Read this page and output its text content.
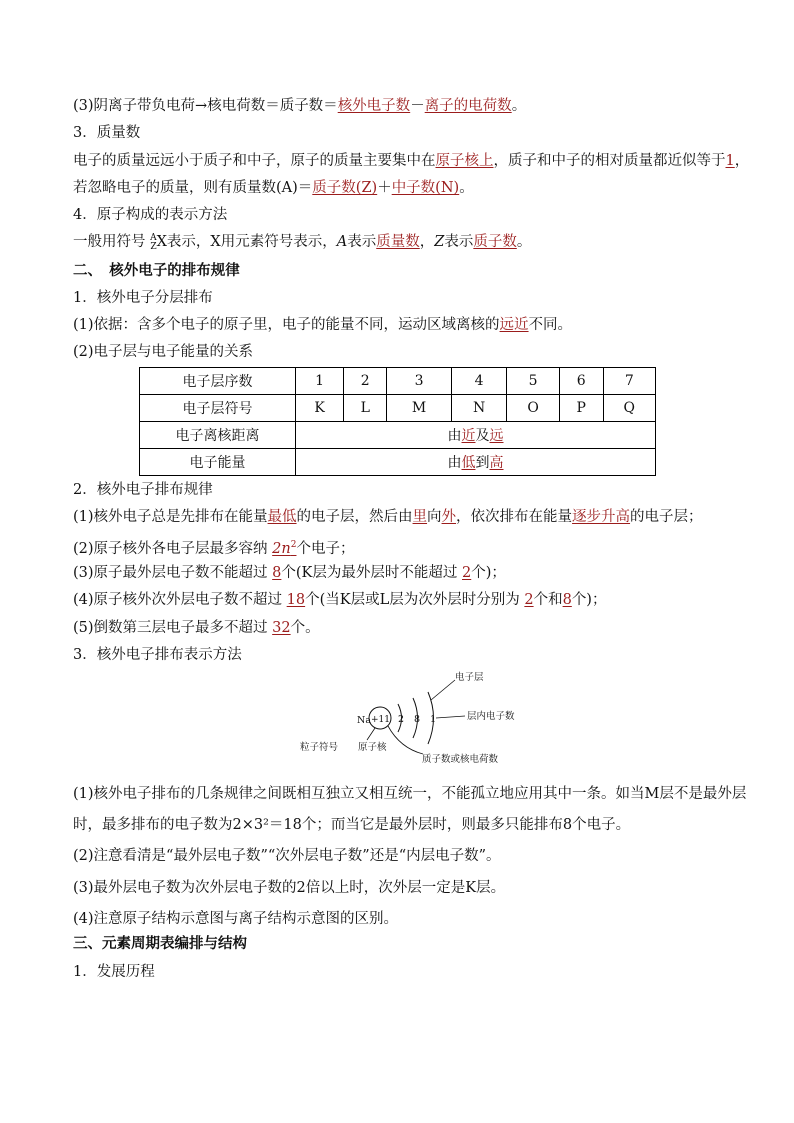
(3)阴离子带负电荷→核电荷数＝质子数＝核外电子数－离子的电荷数。
3．质量数
电子的质量远远小于质子和中子，原子的质量主要集中在原子核上，质子和中子的相对质量都近似等于1，
若忽略电子的质量，则有质量数(A)＝质子数(Z)＋中子数(N)。
4．原子构成的表示方法
一般用符号 A
ZX表示，X用元素符号表示，A表示质量数，Z表示质子数。
二、　核外电子的排布规律
1．核外电子分层排布
(1)依据：含多个电子的原子里，电子的能量不同，运动区域离核的远近不同。
(2)电子层与电子能量的关系
电子层序数	1	2	3	4	5	6	7
电子层符号	K	L	M	N	O	P	Q
电子离核距离	由近及远						
电子能量	由低到高						
2．核外电子排布规律
(1)核外电子总是先排布在能量最低的电子层，然后由里向外，依次排布在能量逐步升高的电子层；
(2)原子核外各电子层最多容纳 $2n^2$个电子；
(3)原子最外层电子数不能超过 8个(K层为最外层时不能超过 2个)；
(4)原子核外次外层电子数不超过 18个(当K层或L层为次外层时分别为 2个和8个)；
(5)倒数第三层电子最多不超过 32个。
3．核外电子排布表示方法
Na +11 2 8 1
电子层
层内电子数
粒子符号 原子核
质子数或核电荷数
(1)核外电子排布的几条规律之间既相互独立又相互统一，不能孤立地应用其中一条。如当M层不是最外层
时，最多排布的电子数为2×3²＝18个；而当它是最外层时，则最多只能排布8个电子。
(2)注意看清是“最外层电子数”“次外层电子数”还是“内层电子数”。
(3)最外层电子数为次外层电子数的2倍以上时，次外层一定是K层。
(4)注意原子结构示意图与离子结构示意图的区别。
三、元素周期表编排与结构
1．发展历程
